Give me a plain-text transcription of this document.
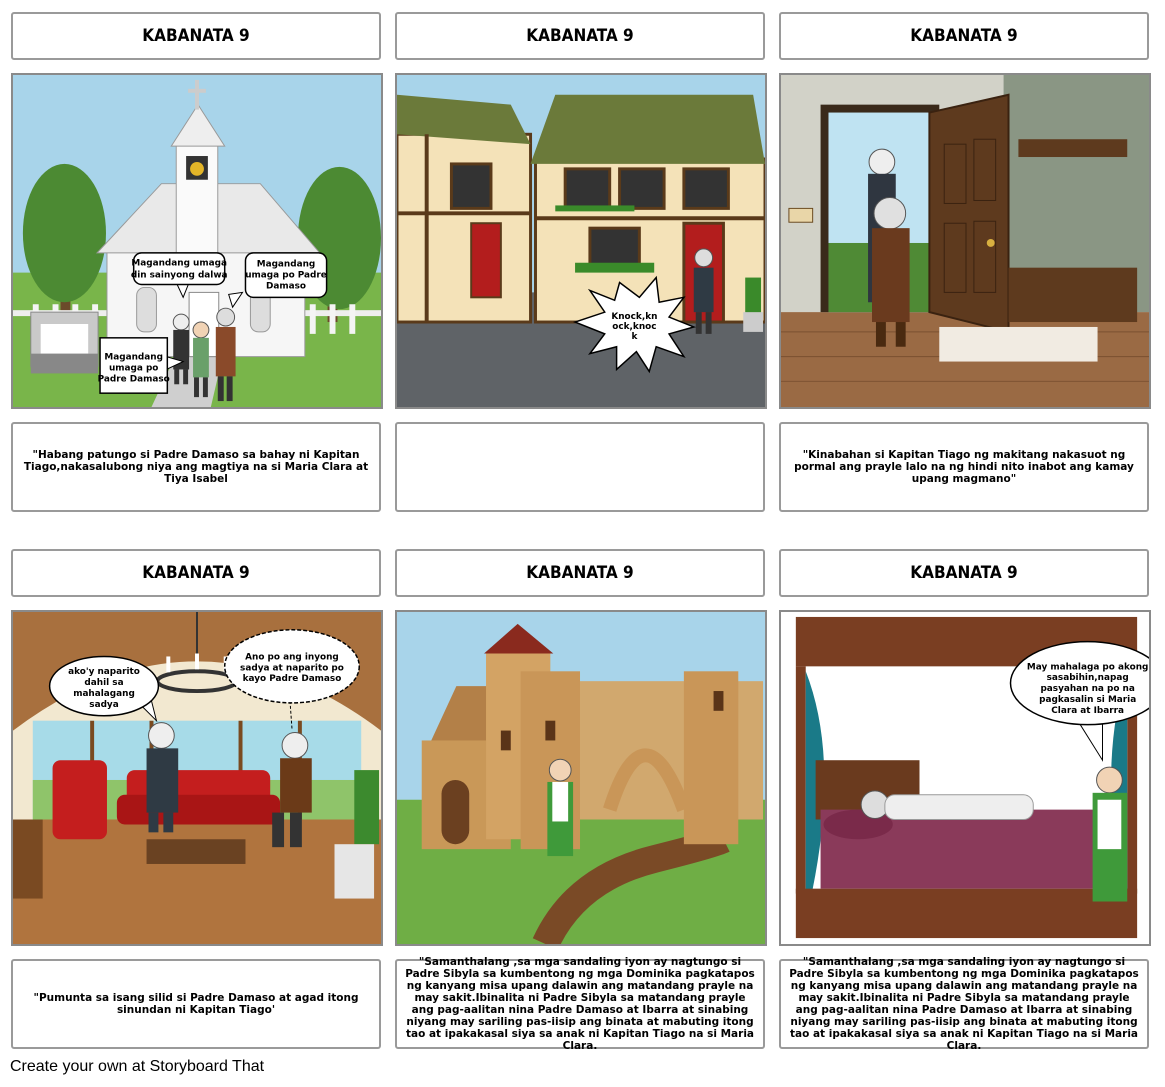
KABANATA 9	KABANATA 9	KABANATA 9
Magandang umaga din sainyong dalwa
Magandang umaga po Padre Damaso
Magandang umaga po Padre Damaso
Knock,kn ock,knoc k
"Habang patungo si Padre Damaso sa bahay ni Kapitan Tiago,nakasalubong niya ang magtiya na si Maria Clara at Tiya Isabel
"Kinabahan si Kapitan Tiago ng makitang nakasuot ng pormal ang prayle lalo na ng hindi nito inabot ang kamay upang magmano"
KABANATA 9	KABANATA 9	KABANATA 9
ako'y naparito dahil sa mahalagang sadya
Ano po ang inyong sadya at naparito po kayo Padre Damaso
May mahalaga po akong sasabihin,napag pasyahan na po na pagkasalin si Maria Clara at Ibarra
"Pumunta sa isang silid si Padre Damaso at agad itong sinundan ni Kapitan Tiago'
"Samanthalang ,sa mga sandaling iyon ay nagtungo si Padre Sibyla sa kumbentong ng mga Dominika pagkatapos ng kanyang misa upang dalawin ang matandang prayle na may sakit.Ibinalita ni Padre Sibyla sa matandang prayle ang pag-aalitan nina Padre Damaso at Ibarra at sinabing niyang may sariling pas-iisip ang binata at mabuting itong tao at ipakakasal siya sa anak ni Kapitan Tiago na si Maria Clara.
"Samanthalang ,sa mga sandaling iyon ay nagtungo si Padre Sibyla sa kumbentong ng mga Dominika pagkatapos ng kanyang misa upang dalawin ang matandang prayle na may sakit.Ibinalita ni Padre Sibyla sa matandang prayle ang pag-aalitan nina Padre Damaso at Ibarra at sinabing niyang may sariling pas-iisip ang binata at mabuting itong tao at ipakakasal siya sa anak ni Kapitan Tiago na si Maria Clara.
Create your own at Storyboard That
